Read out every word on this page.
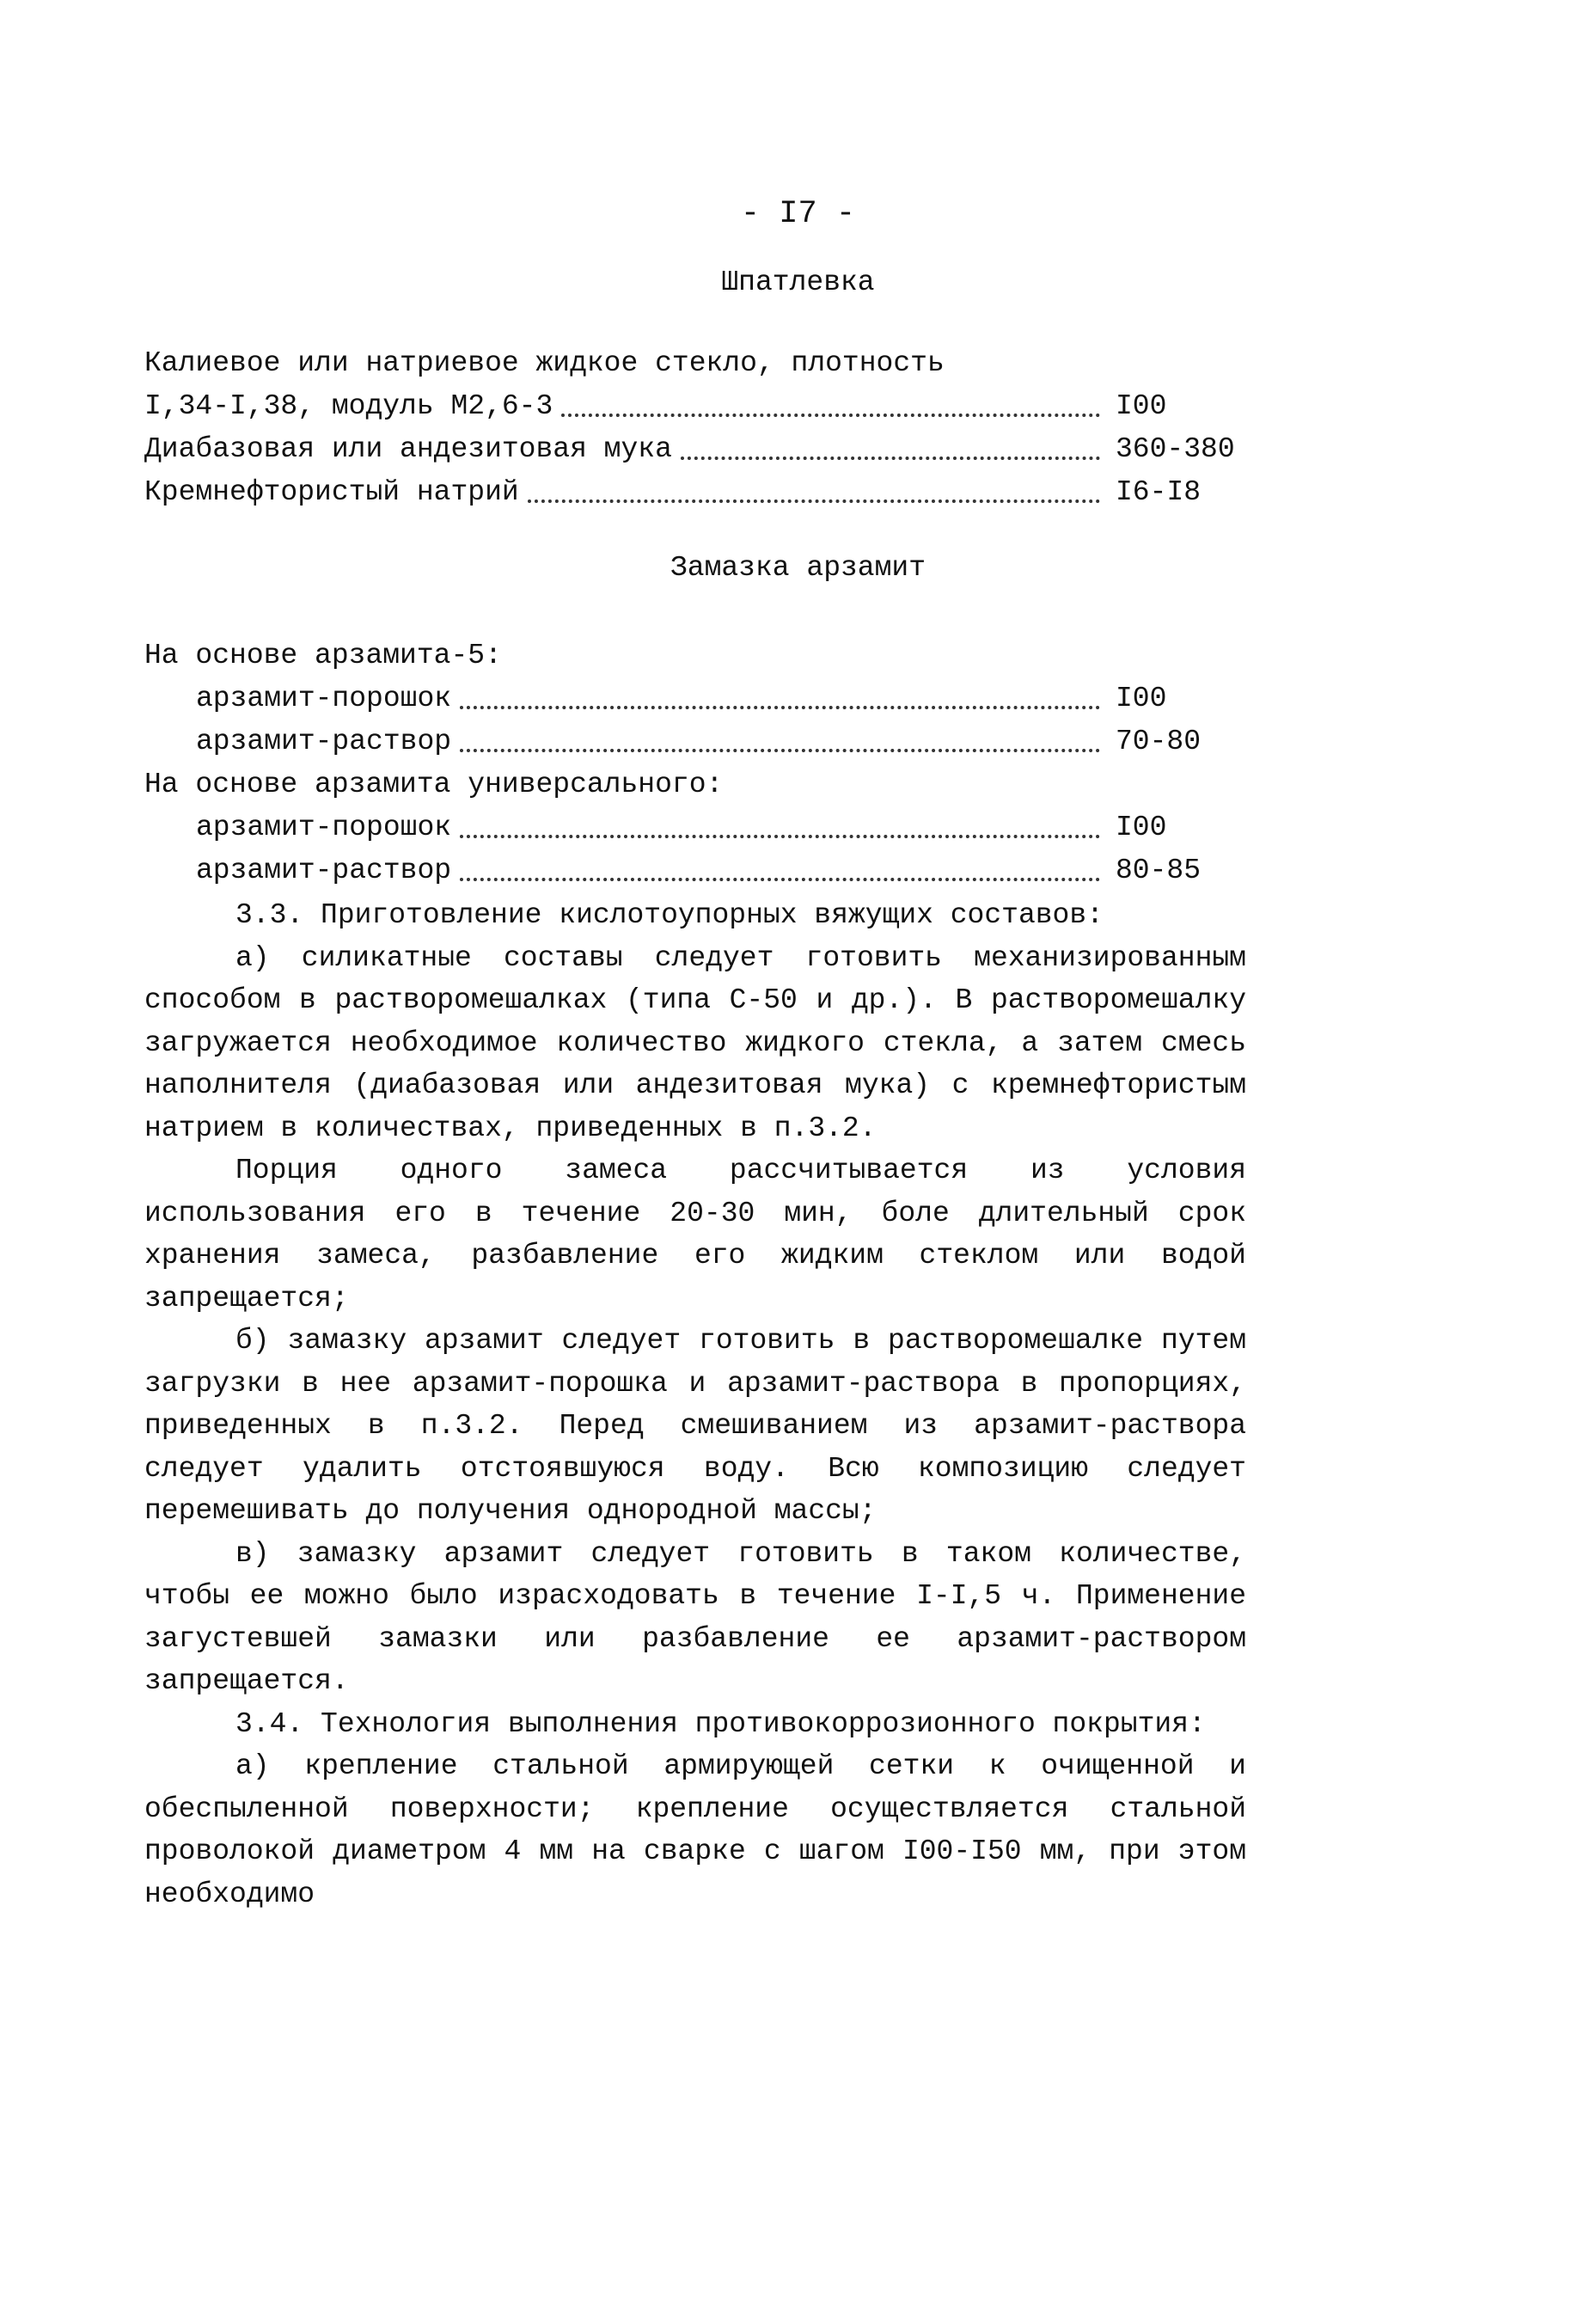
- I7 -
Шпатлевка
Калиевое или натриевое жидкое стекло, плотность
I,34-I,38, модуль М2,6-3	I00
Диабазовая или андезитовая мука	360-380
Кремнефтористый натрий	I6-I8
Замазка арзамит
На основе арзамита-5:
арзамит-порошок	I00
арзамит-раствор	70-80
На основе арзамита универсального:
арзамит-порошок	I00
арзамит-раствор	80-85

3.3. Приготовление кислотоупорных вяжущих составов:

а) силикатные составы следует готовить механизированным способом в растворомешалках (типа С-50 и др.). В растворомешалку загружается необходимое количество жидкого стекла, а затем смесь наполнителя (диабазовая или андезитовая мука) с кремнефтористым натрием в количествах, приведенных в п.3.2.

Порция одного замеса рассчитывается из условия использования его в течение 20-30 мин, боле длительный срок хранения замеса, разбавление его жидким стеклом или водой запрещается;

б) замазку арзамит следует готовить в растворомешалке путем загрузки в нее арзамит-порошка и арзамит-раствора в пропорциях, приведенных в п.3.2. Перед смешиванием из арзамит-раствора следует удалить отстоявшуюся воду. Всю композицию следует перемешивать до получения однородной массы;

в) замазку арзамит следует готовить в таком количестве, чтобы ее можно было израсходовать в течение I-I,5 ч. Применение загустевшей замазки или разбавление ее арзамит-раствором запрещается.

3.4. Технология выполнения противокоррозионного покрытия:

а) крепление стальной армирующей сетки к очищенной и обеспыленной поверхности; крепление осуществляется стальной проволокой диаметром 4 мм на сварке с шагом I00-I50 мм, при этом необходимо
